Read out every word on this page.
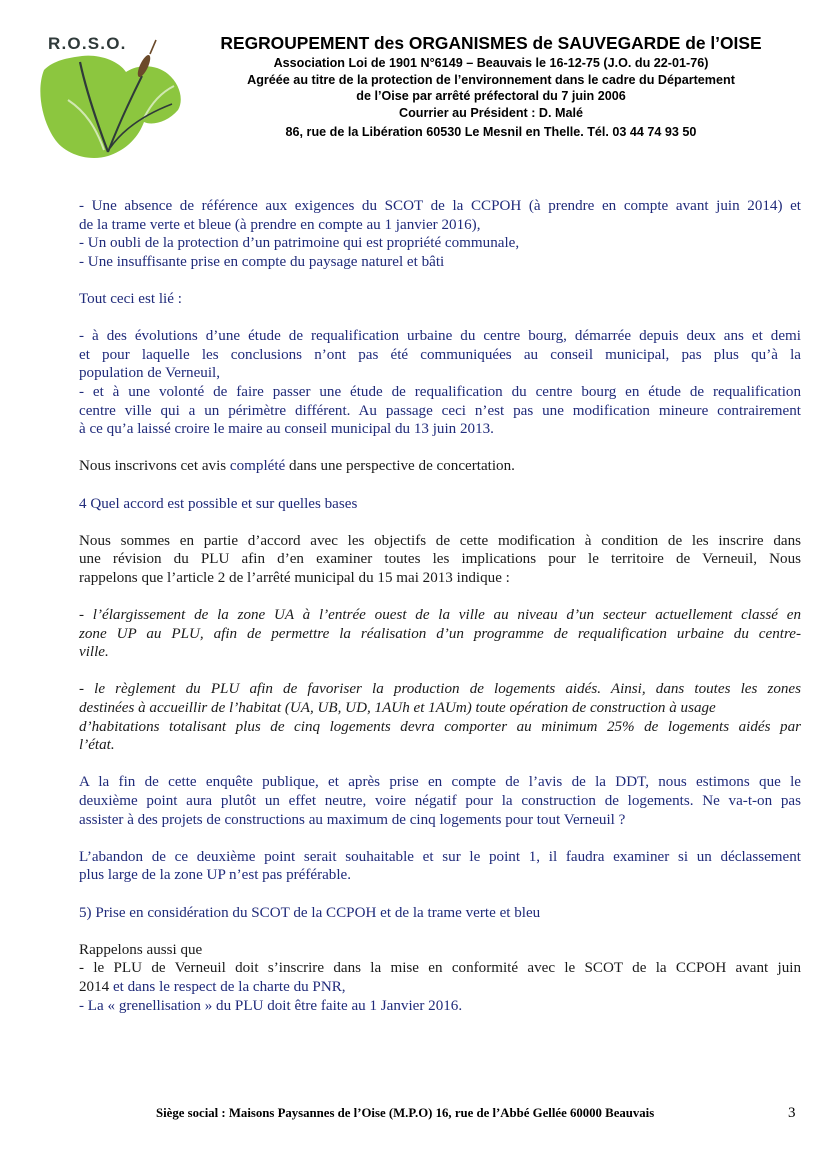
R.O.S.O.	REGROUPEMENT des ORGANISMES de SAUVEGARDE de l’OISE
Association Loi de 1901 N°6149 – Beauvais le 16-12-75 (J.O. du 22-01-76)
Agréée au titre de la protection de l’environnement dans le cadre du Département
de l’Oise par arrêté préfectoral du 7 juin 2006
Courrier au Président : D. Malé
86, rue de la Libération 60530 Le Mesnil en Thelle. Tél. 03 44 74 93 50
- Une absence de référence aux exigences du SCOT de la CCPOH (à prendre en compte avant juin 2014) et
de la trame verte et bleue (à prendre en compte au 1 janvier 2016),
- Un oubli de la protection d’un patrimoine qui est propriété communale,
- Une insuffisante prise en compte du paysage naturel et bâti
Tout ceci est lié :
- à des évolutions d’une étude de requalification urbaine du centre bourg, démarrée depuis deux ans et demi
et pour laquelle les conclusions n’ont pas été communiquées au conseil municipal, pas plus qu’à la
population de Verneuil,
- et à une volonté de faire passer une étude de requalification du centre bourg en étude de requalification
centre ville qui a un périmètre différent. Au passage ceci n’est pas une modification mineure contrairement
à ce qu’a laissé croire le maire au conseil municipal du 13 juin 2013.
Nous inscrivons cet avis complété dans une perspective de concertation.
4 Quel accord est possible et sur quelles bases
Nous sommes en partie d’accord avec les objectifs de cette modification à condition de les inscrire dans
une révision du PLU afin d’en examiner toutes les implications pour le territoire de Verneuil, Nous
rappelons que l’article 2 de l’arrêté municipal du 15 mai 2013 indique :
- l’élargissement de la zone UA à l’entrée ouest de la ville au niveau d’un secteur actuellement classé en
zone UP au PLU, afin de permettre la réalisation d’un programme de requalification urbaine du centre-
ville.
- le règlement du PLU afin de favoriser la production de logements aidés. Ainsi, dans toutes les zones
destinées à accueillir de l’habitat (UA, UB, UD, 1AUh et 1AUm) toute opération de construction à usage
d’habitations totalisant plus de cinq logements devra comporter au minimum 25% de logements aidés par
l’état.
A la fin de cette enquête publique, et après prise en compte de l’avis de la DDT, nous estimons que le
deuxième point aura plutôt un effet neutre, voire négatif pour la construction de logements. Ne va-t-on pas
assister à des projets de constructions au maximum de cinq logements pour tout Verneuil ?
L’abandon de ce deuxième point serait souhaitable et sur le point 1, il faudra examiner si un déclassement
plus large de la zone UP n’est pas préférable.
5) Prise en considération du SCOT de la CCPOH et de la trame verte et bleu
Rappelons aussi que
- le PLU de Verneuil doit s’inscrire dans la mise en conformité avec le SCOT de la CCPOH avant juin
2014 et dans le respect de la charte du PNR,
- La « grenellisation » du PLU doit être faite au 1 Janvier 2016.
Siège social : Maisons Paysannes de l’Oise (M.P.O) 16, rue de l’Abbé Gellée 60000 Beauvais	3
